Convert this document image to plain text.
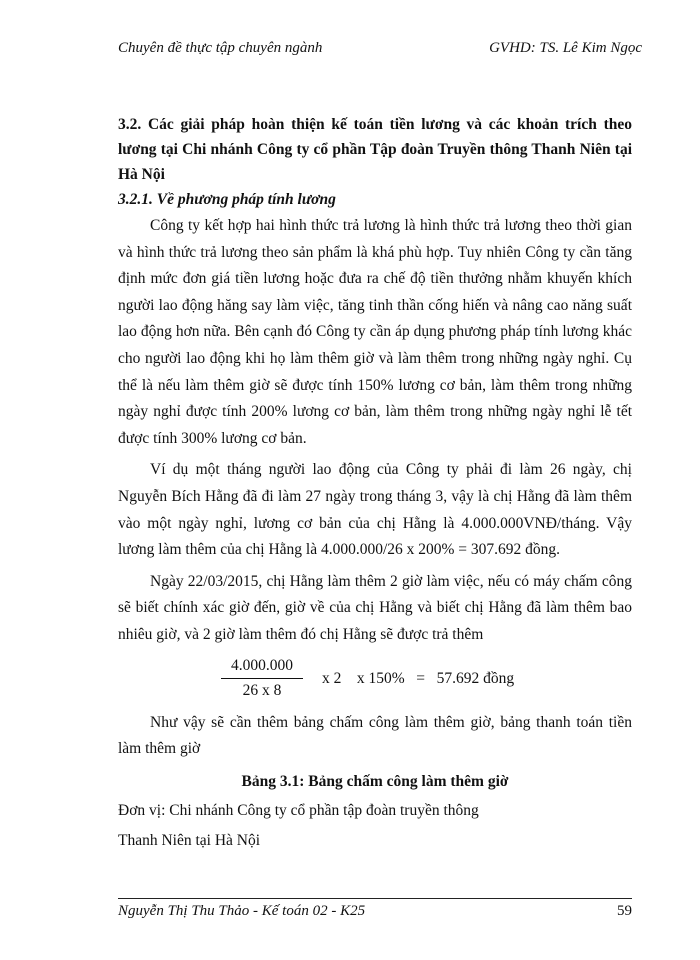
Chuyên đề thực tập chuyên ngành	GVHD: TS. Lê Kim Ngọc

3.2. Các giải pháp hoàn thiện kế toán tiền lương và các khoản trích theo lương tại Chi nhánh Công ty cổ phần Tập đoàn Truyền thông Thanh Niên tại Hà Nội

3.2.1. Về phương pháp tính lương

Công ty kết hợp hai hình thức trả lương là hình thức trả lương theo thời gian và hình thức trả lương theo sản phẩm là khá phù hợp. Tuy nhiên Công ty cần tăng định mức đơn giá tiền lương hoặc đưa ra chế độ tiền thưởng nhằm khuyến khích người lao động hăng say làm việc, tăng tinh thần cống hiến và nâng cao năng suất lao động hơn nữa. Bên cạnh đó Công ty cần áp dụng phương pháp tính lương khác cho người lao động khi họ làm thêm giờ và làm thêm trong những ngày nghỉ. Cụ thể là nếu làm thêm giờ sẽ được tính 150% lương cơ bản, làm thêm trong những ngày nghỉ được tính 200% lương cơ bản, làm thêm trong những ngày nghỉ lễ tết được tính 300% lương cơ bản.

Ví dụ một tháng người lao động của Công ty phải đi làm 26 ngày, chị Nguyễn Bích Hằng đã đi làm 27 ngày trong tháng 3, vậy là chị Hằng đã làm thêm vào một ngày nghỉ, lương cơ bản của chị Hằng là 4.000.000VNĐ/tháng. Vậy lương làm thêm của chị Hằng là 4.000.000/26 x 200% = 307.692 đồng.

Ngày 22/03/2015, chị Hằng làm thêm 2 giờ làm việc, nếu có máy chấm công sẽ biết chính xác giờ đến, giờ về của chị Hằng và biết chị Hằng đã làm thêm bao nhiêu giờ, và 2 giờ làm thêm đó chị Hằng sẽ được trả thêm

$\frac{4.000.000}{26 x 8}$ x 2    x 150%   =   57.692 đồng

Như vậy sẽ cần thêm bảng chấm công làm thêm giờ, bảng thanh toán tiền làm thêm giờ

Bảng 3.1: Bảng chấm công làm thêm giờ

Đơn vị: Chi nhánh Công ty cổ phần tập đoàn truyền thông

Thanh Niên tại Hà Nội

Nguyễn Thị Thu Thảo - Kế toán 02 - K25	59
